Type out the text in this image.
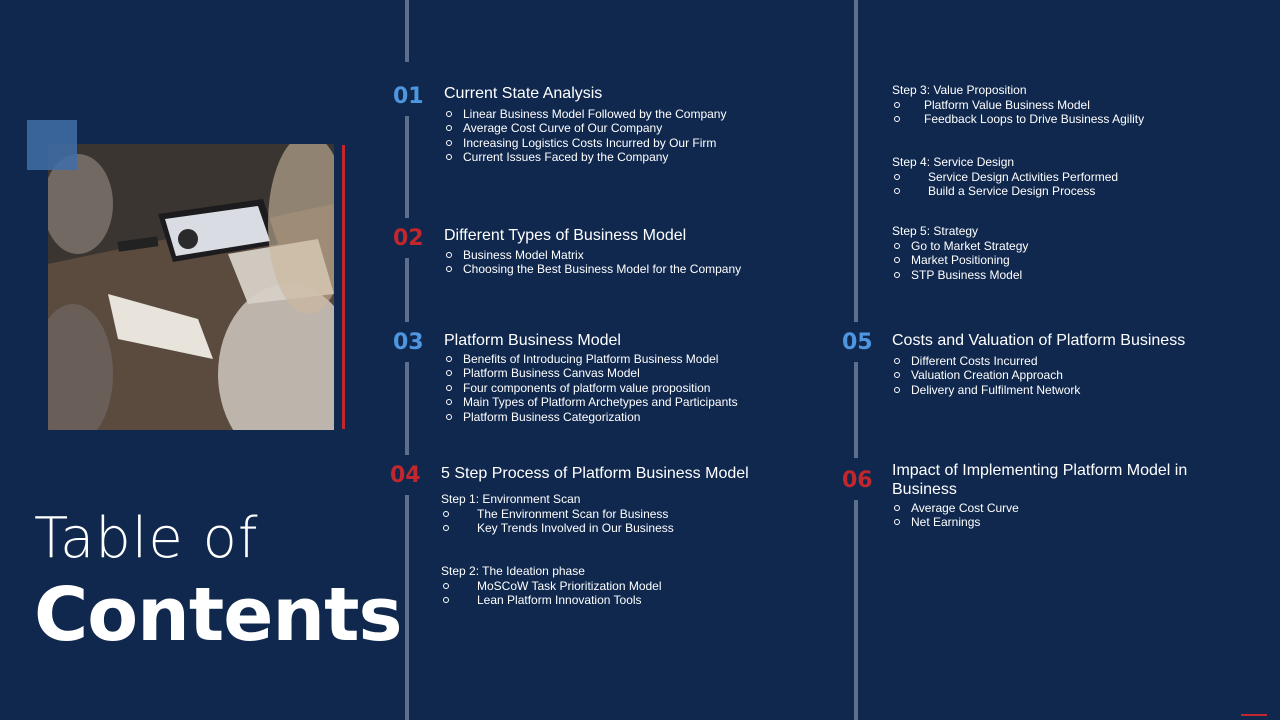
Table of
Contents
01 Current State Analysis
Linear Business Model Followed by the Company
Average Cost Curve of Our Company
Increasing Logistics Costs Incurred by Our Firm
Current Issues Faced by the Company
02 Different Types of Business Model
Business Model Matrix
Choosing the Best Business Model for the Company
03 Platform Business Model
Benefits of Introducing Platform Business Model
Platform Business Canvas Model
Four components of platform value proposition
Main Types of Platform Archetypes and Participants
Platform Business Categorization
04 5 Step Process of Platform Business Model
Step 1: Environment Scan
The Environment Scan for Business
Key Trends Involved in Our Business
Step 2: The Ideation phase
MoSCoW Task Prioritization Model
Lean Platform Innovation Tools
Step 3: Value Proposition
Platform Value Business Model
Feedback Loops to Drive Business Agility
Step 4: Service Design
Service Design Activities Performed
Build a Service Design Process
Step 5: Strategy
Go to Market Strategy
Market Positioning
STP Business Model
05 Costs and Valuation of Platform Business
Different Costs Incurred
Valuation Creation Approach
Delivery and Fulfilment Network
06 Impact of Implementing Platform Model in Business
Average Cost Curve
Net Earnings
